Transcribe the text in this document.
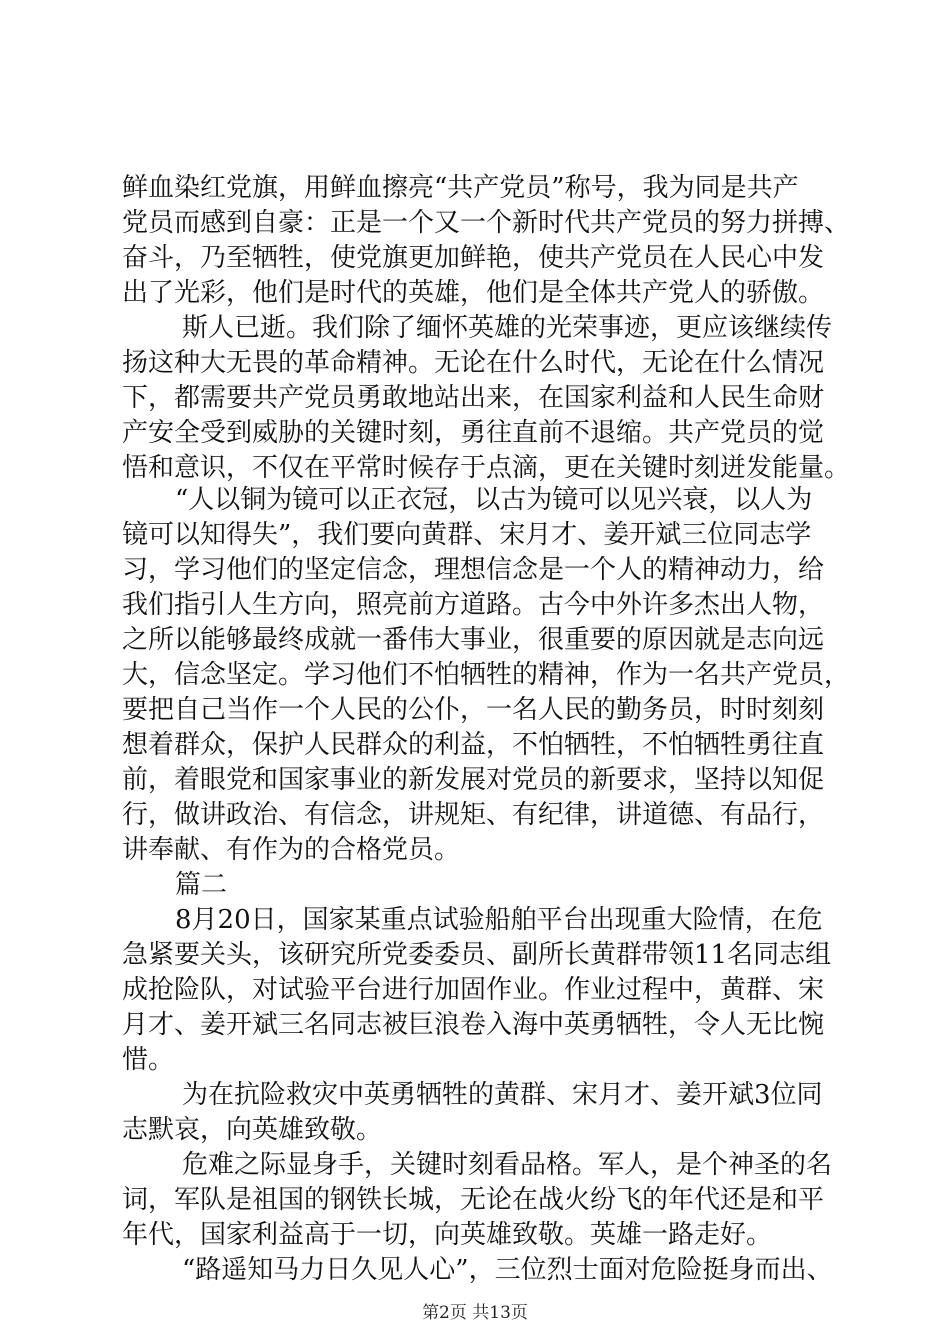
鲜血染红党旗，用鲜血擦亮“共产党员”称号，我为同是共产
党员而感到自豪：正是一个又一个新时代共产党员的努力拼搏、
奋斗，乃至牺牲，使党旗更加鲜艳，使共产党员在人民心中发
出了光彩，他们是时代的英雄，他们是全体共产党人的骄傲。
斯人已逝。我们除了缅怀英雄的光荣事迹，更应该继续传
扬这种大无畏的革命精神。无论在什么时代，无论在什么情况
下，都需要共产党员勇敢地站出来，在国家利益和人民生命财
产安全受到威胁的关键时刻，勇往直前不退缩。共产党员的觉
悟和意识，不仅在平常时候存于点滴，更在关键时刻迸发能量。
“人以铜为镜可以正衣冠，以古为镜可以见兴衰，以人为
镜可以知得失”，我们要向黄群、宋月才、姜开斌三位同志学
习，学习他们的坚定信念，理想信念是一个人的精神动力，给
我们指引人生方向，照亮前方道路。古今中外许多杰出人物，
之所以能够最终成就一番伟大事业，很重要的原因就是志向远
大，信念坚定。学习他们不怕牺牲的精神，作为一名共产党员，
要把自己当作一个人民的公仆，一名人民的勤务员，时时刻刻
想着群众，保护人民群众的利益，不怕牺牲，不怕牺牲勇往直
前，着眼党和国家事业的新发展对党员的新要求，坚持以知促
行，做讲政治、有信念，讲规矩、有纪律，讲道德、有品行，
讲奉献、有作为的合格党员。
篇二
8月20日，国家某重点试验船舶平台出现重大险情，在危
急紧要关头，该研究所党委委员、副所长黄群带领11名同志组
成抢险队，对试验平台进行加固作业。作业过程中，黄群、宋
月才、姜开斌三名同志被巨浪卷入海中英勇牺牲，令人无比惋
惜。
为在抗险救灾中英勇牺牲的黄群、宋月才、姜开斌3位同
志默哀，向英雄致敬。
危难之际显身手，关键时刻看品格。军人，是个神圣的名
词，军队是祖国的钢铁长城，无论在战火纷飞的年代还是和平
年代，国家利益高于一切，向英雄致敬。英雄一路走好。
“路遥知马力日久见人心”，三位烈士面对危险挺身而出、
第2页 共13页
